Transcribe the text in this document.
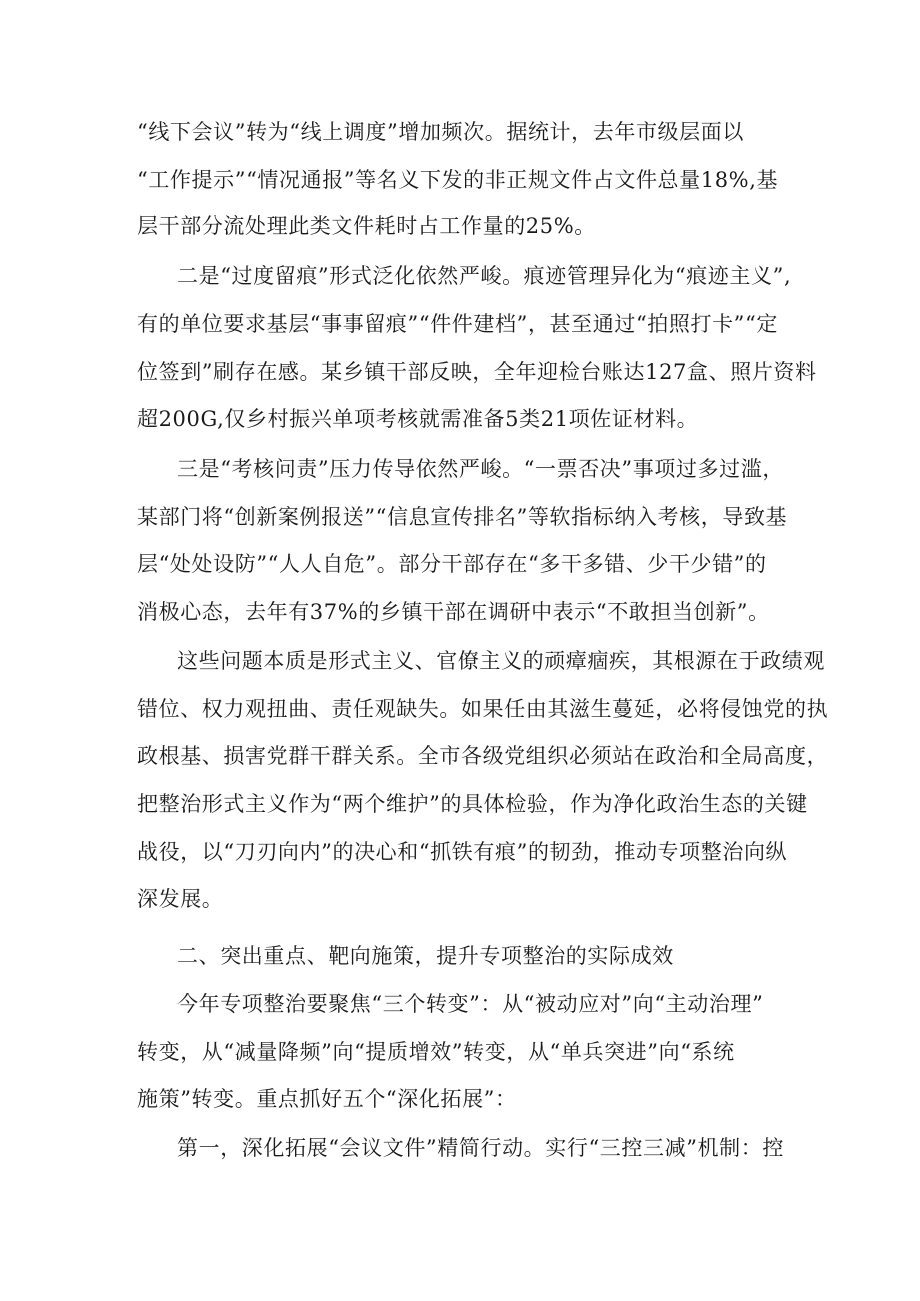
“线下会议”转为“线上调度”增加频次。据统计，去年市级层面以

“工作提示”“情况通报”等名义下发的非正规文件占文件总量18%,基

层干部分流处理此类文件耗时占工作量的25%。

二是“过度留痕”形式泛化依然严峻。痕迹管理异化为“痕迹主义”,

有的单位要求基层“事事留痕”“件件建档”，甚至通过“拍照打卡”“定

位签到”刷存在感。某乡镇干部反映，全年迎检台账达127盒、照片资料

超200G,仅乡村振兴单项考核就需准备5类21项佐证材料。

三是“考核问责”压力传导依然严峻。“一票否决”事项过多过滥，

某部门将“创新案例报送”“信息宣传排名”等软指标纳入考核，导致基

层“处处设防”“人人自危”。部分干部存在“多干多错、少干少错”的

消极心态，去年有37%的乡镇干部在调研中表示“不敢担当创新”。

这些问题本质是形式主义、官僚主义的顽瘴痼疾，其根源在于政绩观

错位、权力观扭曲、责任观缺失。如果任由其滋生蔓延，必将侵蚀党的执

政根基、损害党群干群关系。全市各级党组织必须站在政治和全局高度，

把整治形式主义作为“两个维护”的具体检验，作为净化政治生态的关键

战役，以“刀刃向内”的决心和“抓铁有痕”的韧劲，推动专项整治向纵

深发展。

二、突出重点、靶向施策，提升专项整治的实际成效

今年专项整治要聚焦“三个转变”：从“被动应对”向“主动治理”

转变，从“减量降频”向“提质增效”转变，从“单兵突进”向“系统

施策”转变。重点抓好五个“深化拓展”：

第一，深化拓展“会议文件”精简行动。实行“三控三减”机制：控
